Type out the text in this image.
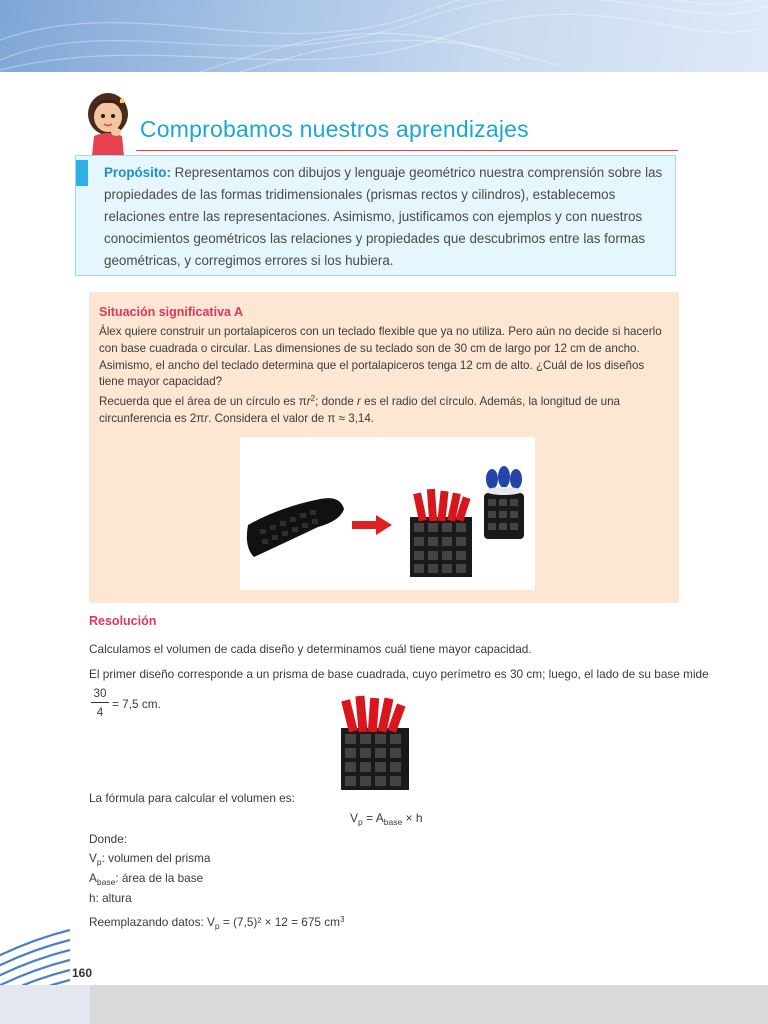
Comprobamos nuestros aprendizajes
Propósito: Representamos con dibujos y lenguaje geométrico nuestra comprensión sobre las propiedades de las formas tridimensionales (prismas rectos y cilindros), establecemos relaciones entre las representaciones. Asimismo, justificamos con ejemplos y con nuestros conocimientos geométricos las relaciones y propiedades que descubrimos entre las formas geométricas, y corregimos errores si los hubiera.
Situación significativa A
Álex quiere construir un portalapiceros con un teclado flexible que ya no utiliza. Pero aún no decide si hacerlo con base cuadrada o circular. Las dimensiones de su teclado son de 30 cm de largo por 12 cm de ancho. Asimismo, el ancho del teclado determina que el portalapiceros tenga 12 cm de alto. ¿Cuál de los diseños tiene mayor capacidad?
Recuerda que el área de un círculo es $\pi r^2$; donde r es el radio del círculo. Además, la longitud de una circunferencia es 2πr. Considera el valor de π ≈ 3,14.
Resolución
Calculamos el volumen de cada diseño y determinamos cuál tiene mayor capacidad.
El primer diseño corresponde a un prisma de base cuadrada, cuyo perímetro es 30 cm; luego, el lado de su base mide
$\frac{30}{4} = 7,5$ cm.
La fórmula para calcular el volumen es:
$V_p = A_{base} \times h$
Donde:
$V_p$: volumen del prisma
$A_{base}$: área de la base
h: altura
Reemplazando datos: $V_p = (7,5)^2 \times 12 = 675$ $cm^3$
160
